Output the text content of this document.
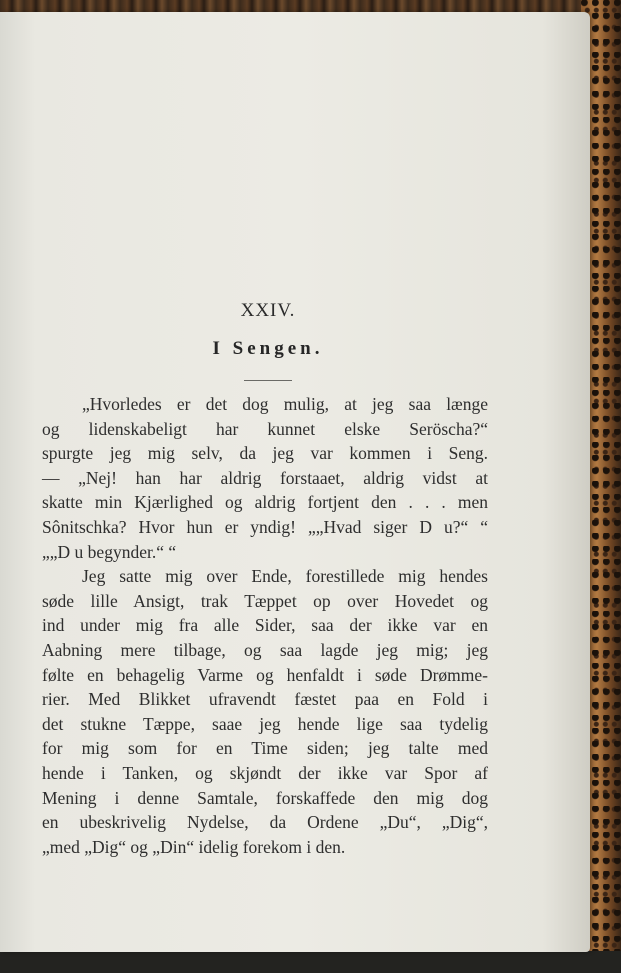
XXIV.
I Sengen.
„Hvorledes er det dog mulig, at jeg saa længe
og lidenskabeligt har kunnet elske Seröscha?“
spurgte jeg mig selv, da jeg var kommen i Seng.
— „Nej! han har aldrig forstaaet, aldrig vidst at
skatte min Kjærlighed og aldrig fortjent den . . . men
Sônitschka? Hvor hun er yndig! „„Hvad siger D u?“ “
„„D u begynder.“ “
Jeg satte mig over Ende, forestillede mig hendes
søde lille Ansigt, trak Tæppet op over Hovedet og
ind under mig fra alle Sider, saa der ikke var en
Aabning mere tilbage, og saa lagde jeg mig; jeg
følte en behagelig Varme og henfaldt i søde Drømme-
rier. Med Blikket ufravendt fæstet paa en Fold i
det stukne Tæppe, saae jeg hende lige saa tydelig
for mig som for en Time siden; jeg talte med
hende i Tanken, og skjøndt der ikke var Spor af
Mening i denne Samtale, forskaffede den mig dog
en ubeskrivelig Nydelse, da Ordene „Du“, „Dig“,
„med „Dig“ og „Din“ idelig forekom i den.
